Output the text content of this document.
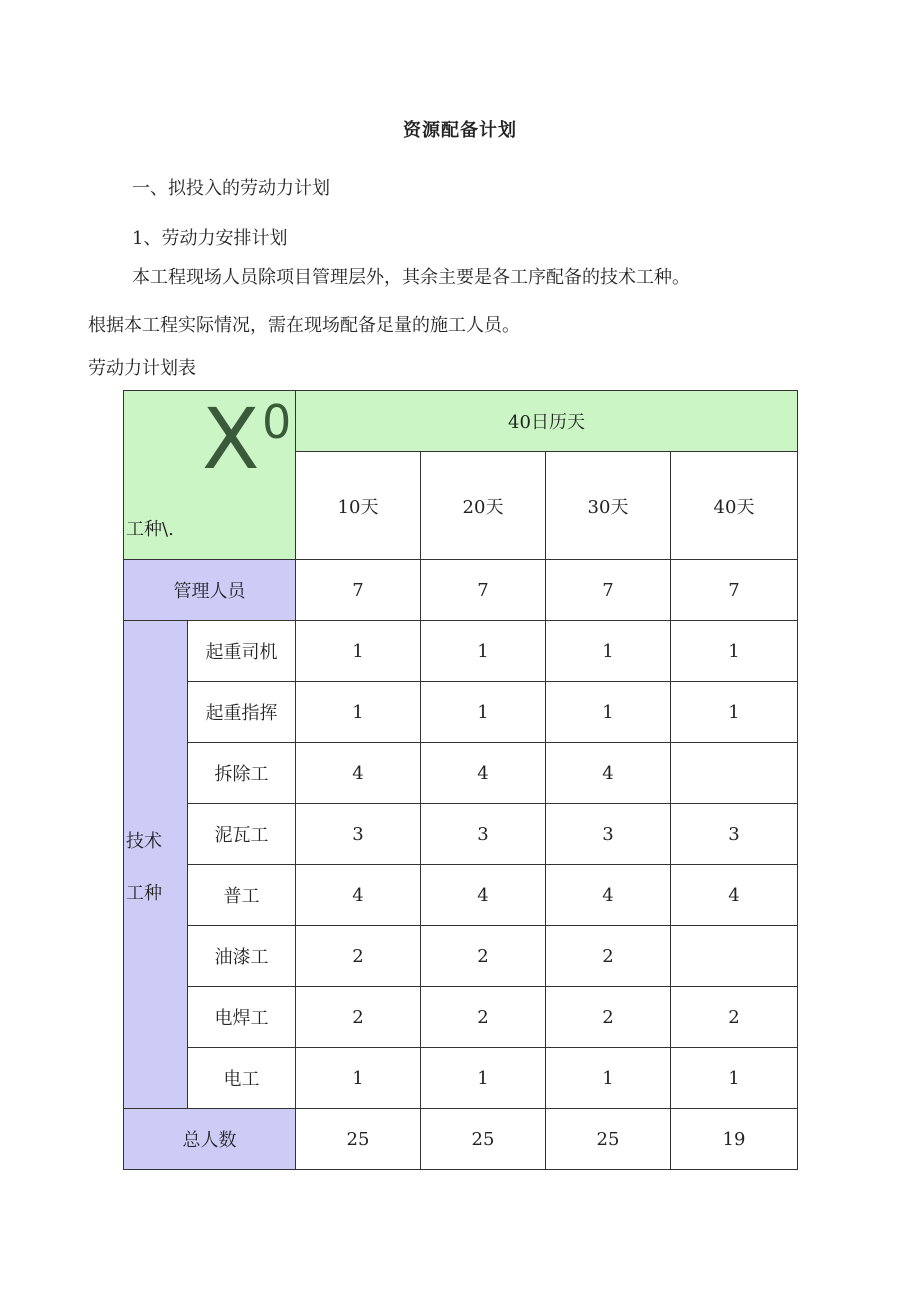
资源配备计划
一、拟投入的劳动力计划
1、劳动力安排计划
本工程现场人员除项目管理层外，其余主要是各工序配备的技术工种。
根据本工程实际情况，需在现场配备足量的施工人员。
劳动力计划表
X 0
工种\.		40日历天			
		10天	20天	30天	40天
管理人员		7	7	7	7

技术
工种	起重司机	1	1	1	1
	起重指挥	1	1	1	1
	拆除工	4	4	4	
	泥瓦工	3	3	3	3
	普工	4	4	4	4
	油漆工	2	2	2	
	电焊工	2	2	2	2
	电工	1	1	1	1
总人数		25	25	25	19
